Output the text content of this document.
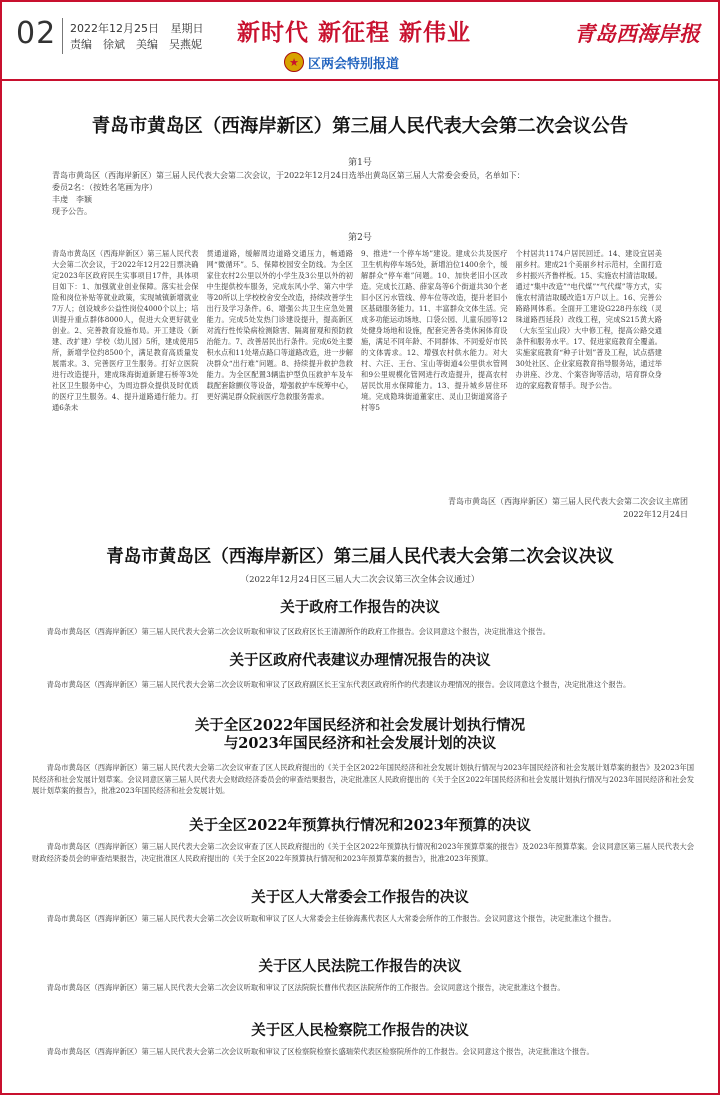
02 2022年12月25日 星期日
责编　徐斌　美编　吴燕妮 新时代 新征程 新伟业
★ 区两会特别报道
青岛西海岸报
青岛市黄岛区（西海岸新区）第三届人民代表大会第二次会议公告
第1号
青岛市黄岛区（西海岸新区）第三届人民代表大会第二次会议，于2022年12月24日选举出黄岛区第三届人大常委会委员，名单如下：
委员2名：（按姓名笔画为序）
丰虔　李颖
现予公告。
第2号

青岛市黄岛区（西海岸新区）第三届人民代表大会第二次会议，于2022年12月22日票决确定2023年区政府民生实事项目17件，具体项目如下：1、加强就业创业保障。落实社会保险和岗位补贴等就业政策，实现城镇新增就业7万人；创设城乡公益性岗位4000个以上；培训提升重点群体8000人，促进大众更好就业创业。2、完善教育设施布局。开工建设（新建、改扩建）学校（幼儿园）5所，建成使用5所，新增学位约8500个，满足教育高质量发展需求。3、完善医疗卫生服务。打好立医院进行改造提升，建成珠海街道新建石桥等3处社区卫生服务中心，为周边群众提供及时优质的医疗卫生服务。4、提升道路通行能力。打通6条未

贯通道路，缓解周边道路交通压力，畅通路网“微循环”。5、保障校园安全防线。为全区家住农村2公里以外的小学生及3公里以外的初中生提供校车服务，完成东风小学、第六中学等20所以上学校校舍安全改造，持续改善学生出行及学习条件。6、增强公共卫生应急处置能力。完成5处发热门诊建设提升，提高新区对流行性传染病检测除害、隔离留观和预防救治能力。7、改善居民出行条件。完成6处主要积水点和11处堵点路口等道路改造，进一步解决群众“出行难”问题。8、持续提升救护急救能力。为全区配置3辆监护型负压救护车及车载配套除颤仪等设备，增强救护车统筹中心，更好满足群众院前医疗急救服务需求。

9、推进“一个停车场”建设。建成公共及医疗卫生机构停车场5处，新增泊位1400余个，缓解群众“停车难”问题。10、加快老旧小区改造。完成长江路、薛家岛等6个街道共30个老旧小区污水管线、停车位等改造，提升老旧小区基础服务能力。11、丰富群众文体生活。完成多功能运动场地、口袋公园、儿童乐园等12处健身场地和设施，配套完善各类休闲体育设施，满足不同年龄、不同群体、不同爱好市民的文体需求。12、增强农村供水能力。对大村、六汪、王台、宝山等街道4公里供水管网和9公里规模化管网进行改造提升，提高农村居民饮用水保障能力。13、提升城乡居住环境。完成隐珠街道董家庄、灵山卫街道窝洛子村等5

个村居共1174户居民回迁。14、建设宜居美丽乡村。建成21个美丽乡村示范村，全面打造乡村振兴齐鲁样板。15、实施农村清洁取暖。通过“集中改造”“电代煤”“气代煤”等方式，实施农村清洁取暖改造1万户以上。16、完善公路路网体系。全面开工建设G228丹东线（灵珠道路西延段）改线工程，完成S215黄大路（大东至宝山段）大中修工程，提高公路交通条件和服务水平。17、促进家庭教育全覆盖。实施家庭教育“种子计划”普及工程，试点搭建30处社区、企业家庭教育指导服务站，通过举办讲座、沙龙、个案咨询等活动，培育群众身边的家庭教育帮手。现予公告。

青岛市黄岛区（西海岸新区）第三届人民代表大会第二次会议主席团
2022年12月24日
青岛市黄岛区（西海岸新区）第三届人民代表大会第二次会议决议
（2022年12月24日区三届人大二次会议第三次全体会议通过）
关于政府工作报告的决议
青岛市黄岛区（西海岸新区）第三届人民代表大会第二次会议听取和审议了区政府区长王清源所作的政府工作报告。会议同意这个报告，决定批准这个报告。
关于区政府代表建议办理情况报告的决议
青岛市黄岛区（西海岸新区）第三届人民代表大会第二次会议听取和审议了区政府副区长王宝东代表区政府所作的代表建议办理情况的报告。会议同意这个报告，决定批准这个报告。
关于全区2022年国民经济和社会发展计划执行情况
与2023年国民经济和社会发展计划的决议
青岛市黄岛区（西海岸新区）第三届人民代表大会第二次会议审查了区人民政府提出的《关于全区2022年国民经济和社会发展计划执行情况与2023年国民经济和社会发展计划草案的报告》及2023年国民经济和社会发展计划草案。会议同意区第三届人民代表大会财政经济委员会的审查结果报告，决定批准区人民政府提出的《关于全区2022年国民经济和社会发展计划执行情况与2023年国民经济和社会发展计划草案的报告》，批准2023年国民经济和社会发展计划。
关于全区2022年预算执行情况和2023年预算的决议
青岛市黄岛区（西海岸新区）第三届人民代表大会第二次会议审查了区人民政府提出的《关于全区2022年预算执行情况和2023年预算草案的报告》及2023年预算草案。会议同意区第三届人民代表大会财政经济委员会的审查结果报告，决定批准区人民政府提出的《关于全区2022年预算执行情况和2023年预算草案的报告》，批准2023年预算。
关于区人大常委会工作报告的决议
青岛市黄岛区（西海岸新区）第三届人民代表大会第二次会议听取和审议了区人大常委会主任徐海燕代表区人大常委会所作的工作报告。会议同意这个报告，决定批准这个报告。
关于区人民法院工作报告的决议
青岛市黄岛区（西海岸新区）第三届人民代表大会第二次会议听取和审议了区法院院长曹伟代表区法院所作的工作报告。会议同意这个报告，决定批准这个报告。
关于区人民检察院工作报告的决议
青岛市黄岛区（西海岸新区）第三届人民代表大会第二次会议听取和审议了区检察院检察长盛瑞荣代表区检察院所作的工作报告。会议同意这个报告，决定批准这个报告。
